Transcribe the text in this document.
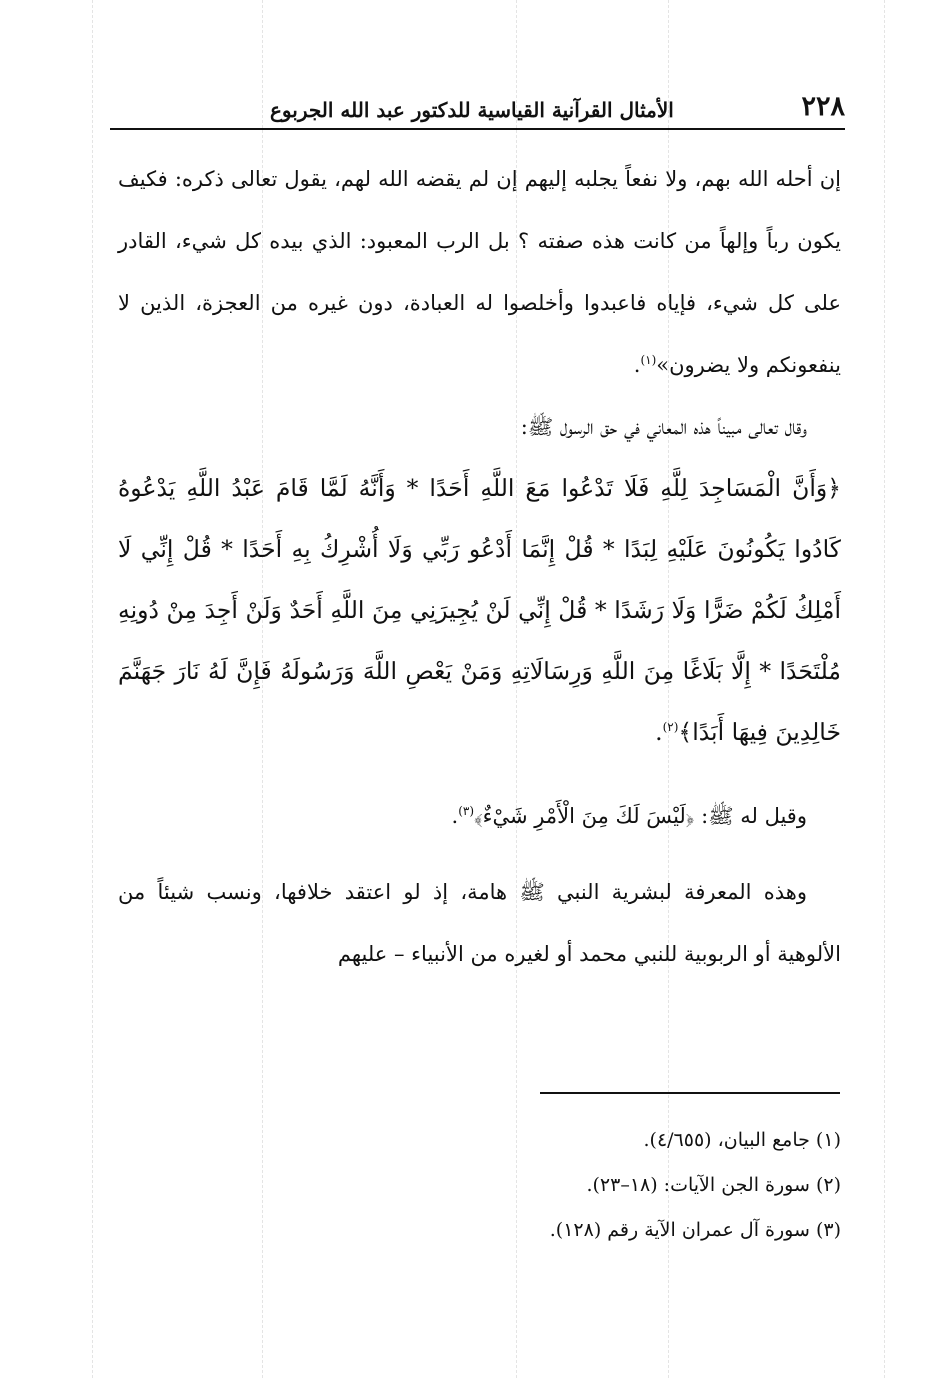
٢٢٨
الأمثال القرآنية القياسية للدكتور عبد الله الجربوع

إن أحله الله بهم، ولا نفعاً يجلبه إليهم إن لم يقضه الله لهم، يقول تعالى ذكره: فكيف يكون رباً وإلهاً من كانت هذه صفته ؟ بل الرب المعبود: الذي بيده كل شيء، القادر على كل شيء، فإياه فاعبدوا وأخلصوا له العبادة، دون غيره من العجزة، الذين لا ينفعونكم ولا يضرون»$^{(١)}$.

وقال تعالى مبيناً هذه المعاني في حق الرسول ﷺ:

﴿وَأَنَّ الْمَسَاجِدَ لِلَّهِ فَلَا تَدْعُوا مَعَ اللَّهِ أَحَدًا * وَأَنَّهُ لَمَّا قَامَ عَبْدُ اللَّهِ يَدْعُوهُ كَادُوا يَكُونُونَ عَلَيْهِ لِبَدًا * قُلْ إِنَّمَا أَدْعُو رَبِّي وَلَا أُشْرِكُ بِهِ أَحَدًا * قُلْ إِنِّي لَا أَمْلِكُ لَكُمْ ضَرًّا وَلَا رَشَدًا * قُلْ إِنِّي لَنْ يُجِيرَنِي مِنَ اللَّهِ أَحَدٌ وَلَنْ أَجِدَ مِنْ دُونِهِ مُلْتَحَدًا * إِلَّا بَلَاغًا مِنَ اللَّهِ وَرِسَالَاتِهِ وَمَنْ يَعْصِ اللَّهَ وَرَسُولَهُ فَإِنَّ لَهُ نَارَ جَهَنَّمَ خَالِدِينَ فِيهَا أَبَدًا﴾$^{(٢)}$.

وقيل له ﷺ: ﴿لَيْسَ لَكَ مِنَ الْأَمْرِ شَيْءٌ﴾$^{(٣)}$.

وهذه المعرفة لبشرية النبي ﷺ هامة، إذ لو اعتقد خلافها، ونسب شيئاً من الألوهية أو الربوبية للنبي محمد أو لغيره من الأنبياء – عليهم

(١) جامع البيان، (٤/٦٥٥).

(٢) سورة الجن الآيات: (١٨–٢٣).

(٣) سورة آل عمران الآية رقم (١٢٨).
